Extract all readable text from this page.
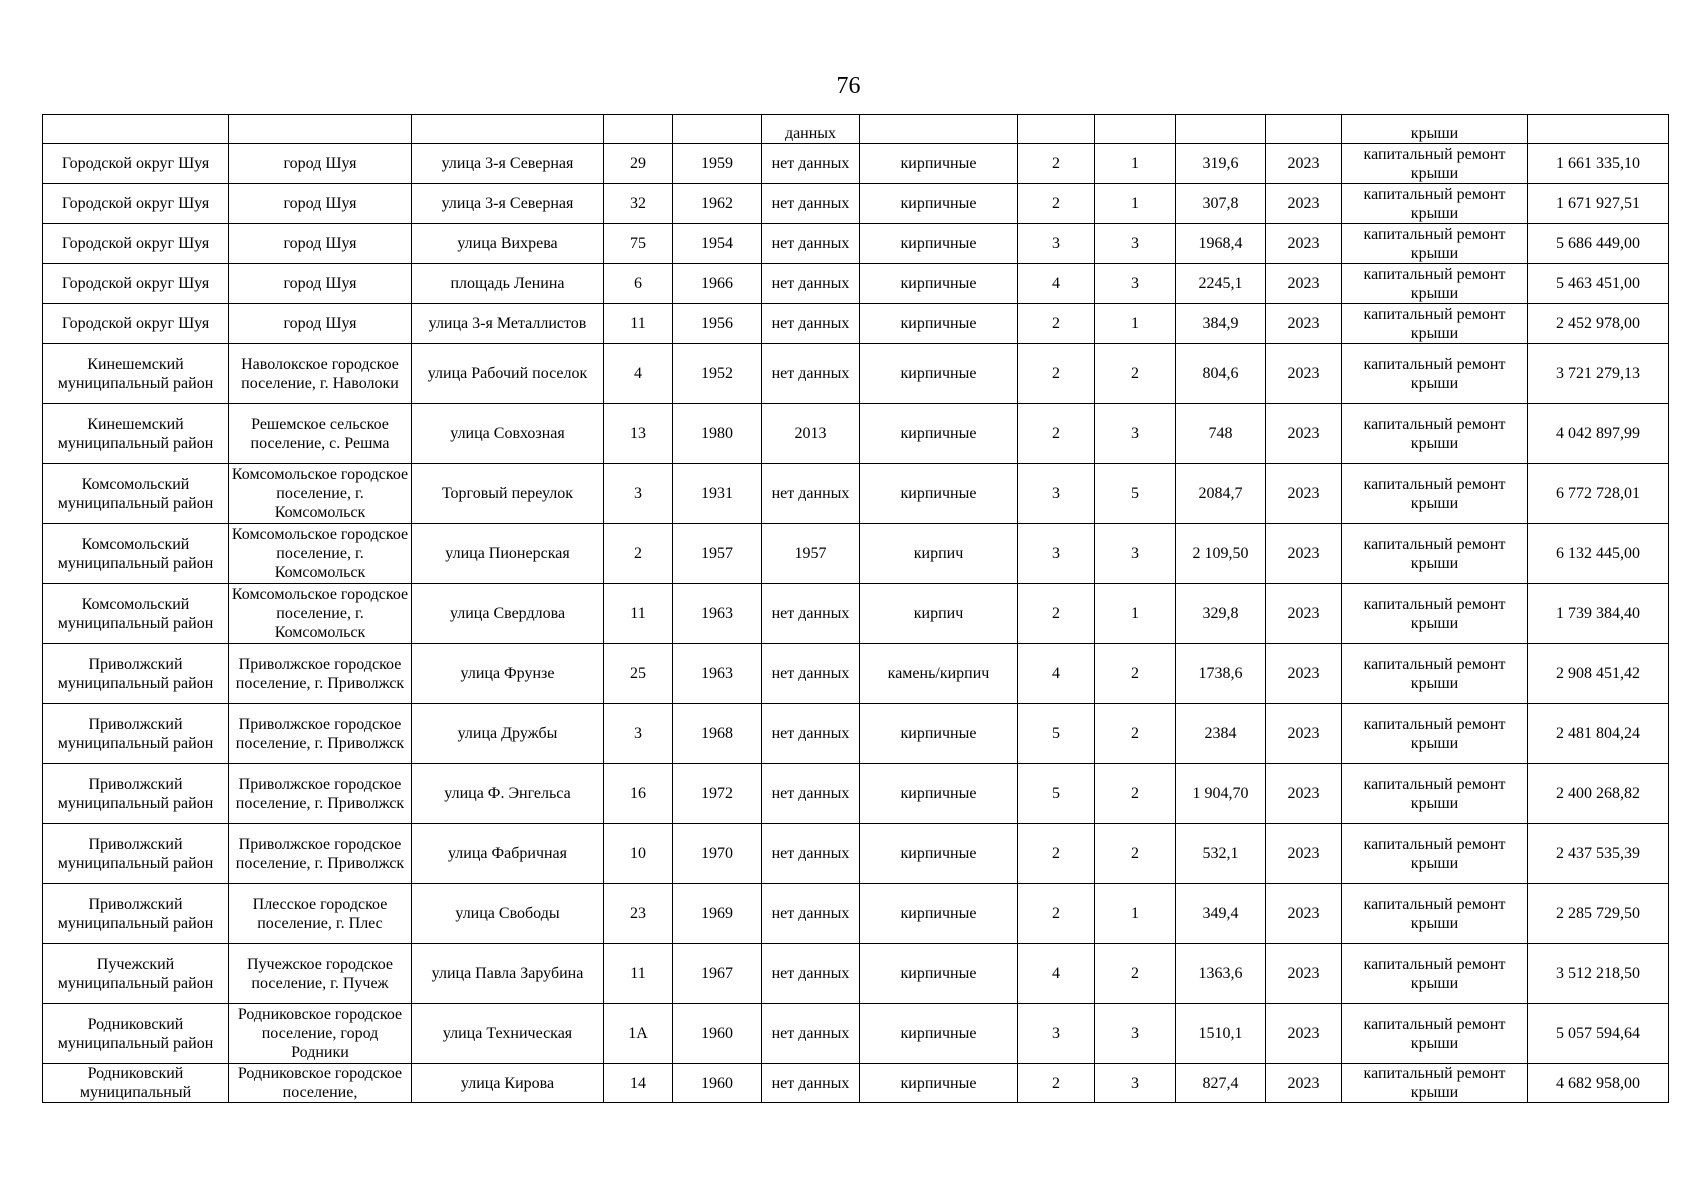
76
					данных						крыши	
Городской округ Шуя	город Шуя	улица 3-я Северная	29	1959	нет данных	кирпичные	2	1	319,6	2023	капитальный ремонт крыши	1 661 335,10
Городской округ Шуя	город Шуя	улица 3-я Северная	32	1962	нет данных	кирпичные	2	1	307,8	2023	капитальный ремонт крыши	1 671 927,51
Городской округ Шуя	город Шуя	улица Вихрева	75	1954	нет данных	кирпичные	3	3	1968,4	2023	капитальный ремонт крыши	5 686 449,00
Городской округ Шуя	город Шуя	площадь Ленина	6	1966	нет данных	кирпичные	4	3	2245,1	2023	капитальный ремонт крыши	5 463 451,00
Городской округ Шуя	город Шуя	улица 3-я Металлистов	11	1956	нет данных	кирпичные	2	1	384,9	2023	капитальный ремонт крыши	2 452 978,00
Кинешемский муниципальный район	Наволокское городское поселение, г. Наволоки	улица Рабочий поселок	4	1952	нет данных	кирпичные	2	2	804,6	2023	капитальный ремонт крыши	3 721 279,13
Кинешемский муниципальный район	Решемское сельское поселение, с. Решма	улица Совхозная	13	1980	2013	кирпичные	2	3	748	2023	капитальный ремонт крыши	4 042 897,99
Комсомольский муниципальный район	Комсомольское городское поселение, г. Комсомольск	Торговый переулок	3	1931	нет данных	кирпичные	3	5	2084,7	2023	капитальный ремонт крыши	6 772 728,01
Комсомольский муниципальный район	Комсомольское городское поселение, г. Комсомольск	улица Пионерская	2	1957	1957	кирпич	3	3	2 109,50	2023	капитальный ремонт крыши	6 132 445,00
Комсомольский муниципальный район	Комсомольское городское поселение, г. Комсомольск	улица Свердлова	11	1963	нет данных	кирпич	2	1	329,8	2023	капитальный ремонт крыши	1 739 384,40
Приволжский муниципальный район	Приволжское городское поселение, г. Приволжск	улица Фрунзе	25	1963	нет данных	камень/кирпич	4	2	1738,6	2023	капитальный ремонт крыши	2 908 451,42
Приволжский муниципальный район	Приволжское городское поселение, г. Приволжск	улица Дружбы	3	1968	нет данных	кирпичные	5	2	2384	2023	капитальный ремонт крыши	2 481 804,24
Приволжский муниципальный район	Приволжское городское поселение, г. Приволжск	улица Ф. Энгельса	16	1972	нет данных	кирпичные	5	2	1 904,70	2023	капитальный ремонт крыши	2 400 268,82
Приволжский муниципальный район	Приволжское городское поселение, г. Приволжск	улица Фабричная	10	1970	нет данных	кирпичные	2	2	532,1	2023	капитальный ремонт крыши	2 437 535,39
Приволжский муниципальный район	Плесское городское поселение, г. Плес	улица Свободы	23	1969	нет данных	кирпичные	2	1	349,4	2023	капитальный ремонт крыши	2 285 729,50
Пучежский муниципальный район	Пучежское городское поселение, г. Пучеж	улица Павла Зарубина	11	1967	нет данных	кирпичные	4	2	1363,6	2023	капитальный ремонт крыши	3 512 218,50
Родниковский муниципальный район	Родниковское городское поселение, город Родники	улица Техническая	1А	1960	нет данных	кирпичные	3	3	1510,1	2023	капитальный ремонт крыши	5 057 594,64
Родниковский муниципальный	Родниковское городское поселение,	улица Кирова	14	1960	нет данных	кирпичные	2	3	827,4	2023	капитальный ремонт крыши	4 682 958,00
